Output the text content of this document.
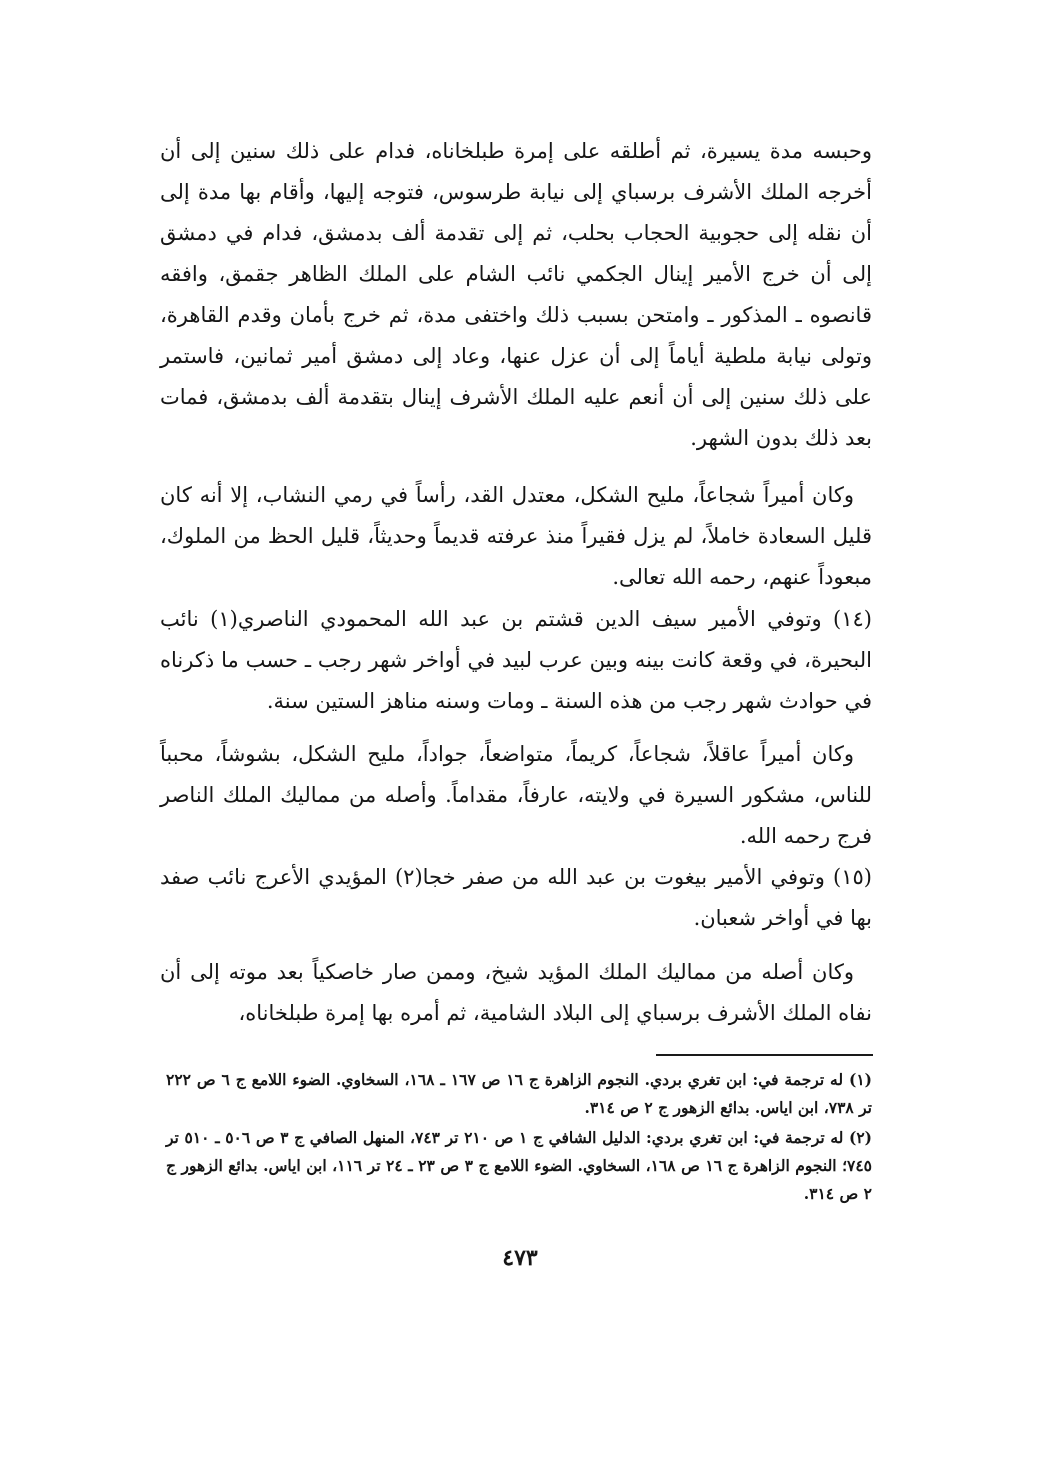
وحبسه مدة يسيرة، ثم أطلقه على إمرة طبلخاناه، فدام على ذلك سنين إلى أن أخرجه الملك الأشرف برسباي إلى نيابة طرسوس، فتوجه إليها، وأقام بها مدة إلى أن نقله إلى حجوبية الحجاب بحلب، ثم إلى تقدمة ألف بدمشق، فدام في دمشق إلى أن خرج الأمير إينال الجكمي نائب الشام على الملك الظاهر جقمق، وافقه قانصوه ـ المذكور ـ وامتحن بسبب ذلك واختفى مدة، ثم خرج بأمان وقدم القاهرة، وتولى نيابة ملطية أياماً إلى أن عزل عنها، وعاد إلى دمشق أمير ثمانين، فاستمر على ذلك سنين إلى أن أنعم عليه الملك الأشرف إينال بتقدمة ألف بدمشق، فمات بعد ذلك بدون الشهر.

وكان أميراً شجاعاً، مليح الشكل، معتدل القد، رأساً في رمي النشاب، إلا أنه كان قليل السعادة خاملاً، لم يزل فقيراً منذ عرفته قديماً وحديثاً، قليل الحظ من الملوك، مبعوداً عنهم، رحمه الله تعالى.

(١٤) وتوفي الأمير سيف الدين قشتم بن عبد الله المحمودي الناصري(١) نائب البحيرة، في وقعة كانت بينه وبين عرب لبيد في أواخر شهر رجب ـ حسب ما ذكرناه في حوادث شهر رجب من هذه السنة ـ ومات وسنه مناهز الستين سنة.

وكان أميراً عاقلاً، شجاعاً، كريماً، متواضعاً، جواداً، مليح الشكل، بشوشاً، محبباً للناس، مشكور السيرة في ولايته، عارفاً، مقداماً. وأصله من مماليك الملك الناصر فرج رحمه الله.

(١٥) وتوفي الأمير بيغوت بن عبد الله من صفر خجا(٢) المؤيدي الأعرج نائب صفد بها في أواخر شعبان.

وكان أصله من مماليك الملك المؤيد شيخ، وممن صار خاصكياً بعد موته إلى أن نفاه الملك الأشرف برسباي إلى البلاد الشامية، ثم أمره بها إمرة طبلخاناه،

(١) له ترجمة في: ابن تغري بردي. النجوم الزاهرة ج ١٦ ص ١٦٧ ـ ١٦٨، السخاوي. الضوء اللامع ج ٦ ص ٢٢٢ تر ٧٣٨، ابن اياس. بدائع الزهور ج ٢ ص ٣١٤.

(٢) له ترجمة في: ابن تغري بردي: الدليل الشافي ج ١ ص ٢١٠ تر ٧٤٣، المنهل الصافي ج ٣ ص ٥٠٦ ـ ٥١٠ تر ٧٤٥؛ النجوم الزاهرة ج ١٦ ص ١٦٨، السخاوي. الضوء اللامع ج ٣ ص ٢٣ ـ ٢٤ تر ١١٦، ابن اياس. بدائع الزهور ج ٢ ص ٣١٤.

٤٧٣
